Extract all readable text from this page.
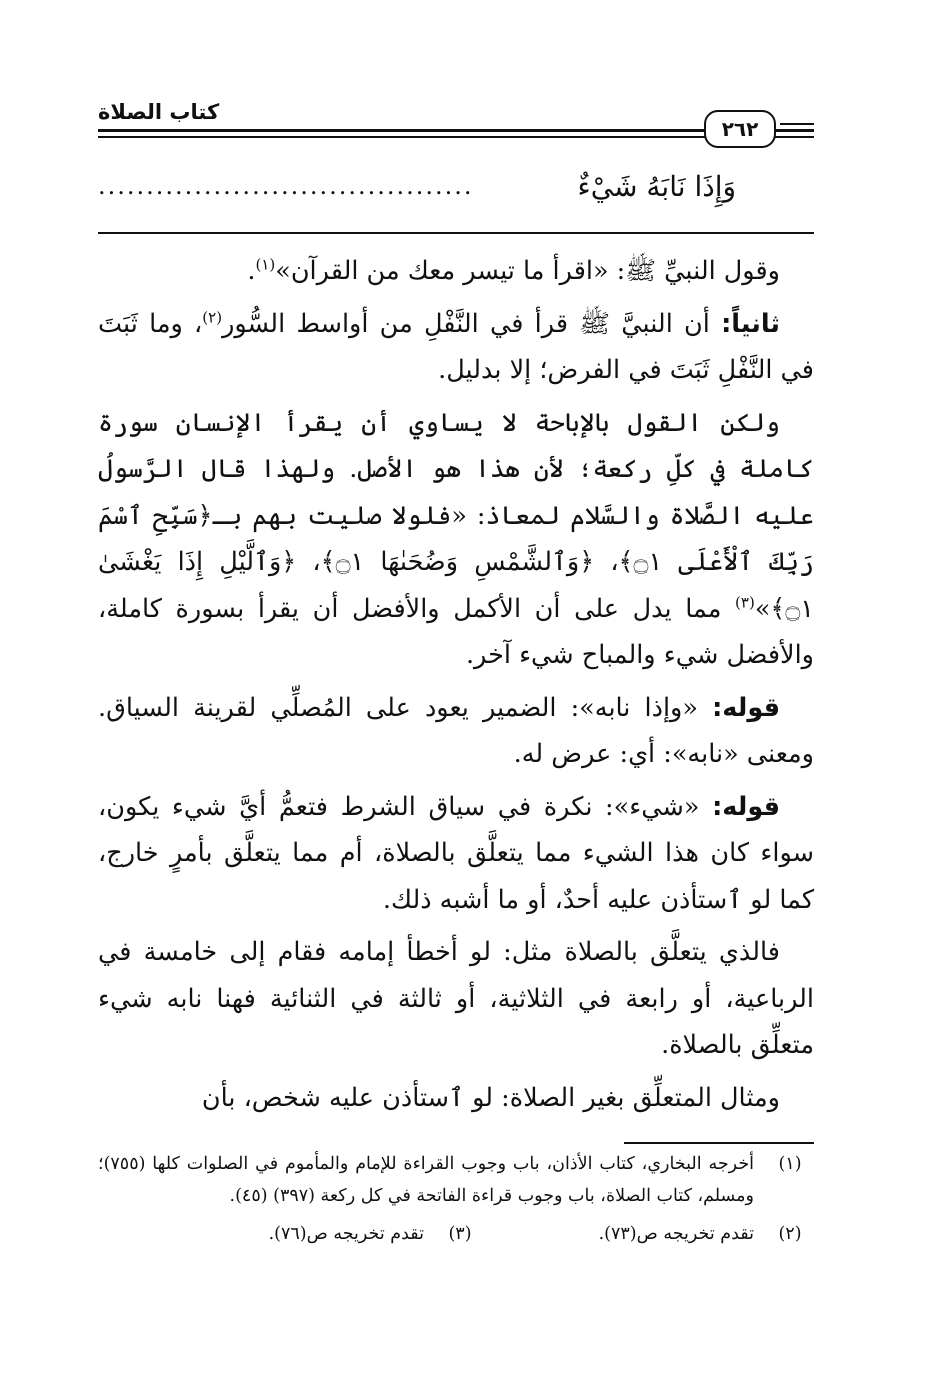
كتاب الصلاة
٢٦٢
وَإِذَا نَابَهُ شَيْءٌ
.......................................

وقول النبيِّ ﷺ: «اقرأ ما تيسر معك من القرآن»$^{(١)}$.

ثانياً: أن النبيَّ ﷺ قرأ في النَّفْلِ من أواسط السُّور$^{(٢)}$، وما ثَبَتَ في النَّفْلِ ثَبَتَ في الفرض؛ إلا بدليل.

ولكن القول بالإباحة لا يساوي أن يقرأ الإنسان سورة كاملة في كلِّ ركعة؛ لأن هذا هو الأصل. ولهذا قال الرَّسولُ عليه الصَّلاة والسَّلام لمعاذ: «فلولا صليت بهم بـ﴿سَبِّحِ ٱسْمَ رَبِّكَ ٱلْأَعْلَى ۝١﴾، ﴿وَٱلشَّمْسِ وَضُحَىٰهَا ۝١﴾، ﴿وَٱلَّيْلِ إِذَا يَغْشَىٰ ۝١﴾»$^{(٣)}$ مما يدل على أن الأكمل والأفضل أن يقرأ بسورة كاملة، والأفضل شيء والمباح شيء آخر.

قوله: «وإذا نابه»: الضمير يعود على المُصلِّي لقرينة السياق. ومعنى «نابه»: أي: عرض له.

قوله: «شيء»: نكرة في سياق الشرط فتعمُّ أيَّ شيء يكون، سواء كان هذا الشيء مما يتعلَّق بالصلاة، أم مما يتعلَّق بأمرٍ خارج، كما لو ٱستأذن عليه أحدٌ، أو ما أشبه ذلك.

فالذي يتعلَّق بالصلاة مثل: لو أخطأ إمامه فقام إلى خامسة في الرباعية، أو رابعة في الثلاثية، أو ثالثة في الثنائية فهنا نابه شيء متعلِّق بالصلاة.

ومثال المتعلِّق بغير الصلاة: لو ٱستأذن عليه شخص، بأن

(١)
أخرجه البخاري، كتاب الأذان، باب وجوب القراءة للإمام والمأموم في الصلوات كلها (٧٥٥)؛ ومسلم، كتاب الصلاة، باب وجوب قراءة الفاتحة في كل ركعة (٣٩٧) (٤٥).
(٢)تقدم تخريجه ص(٧٣).
(٣)تقدم تخريجه ص(٧٦).
